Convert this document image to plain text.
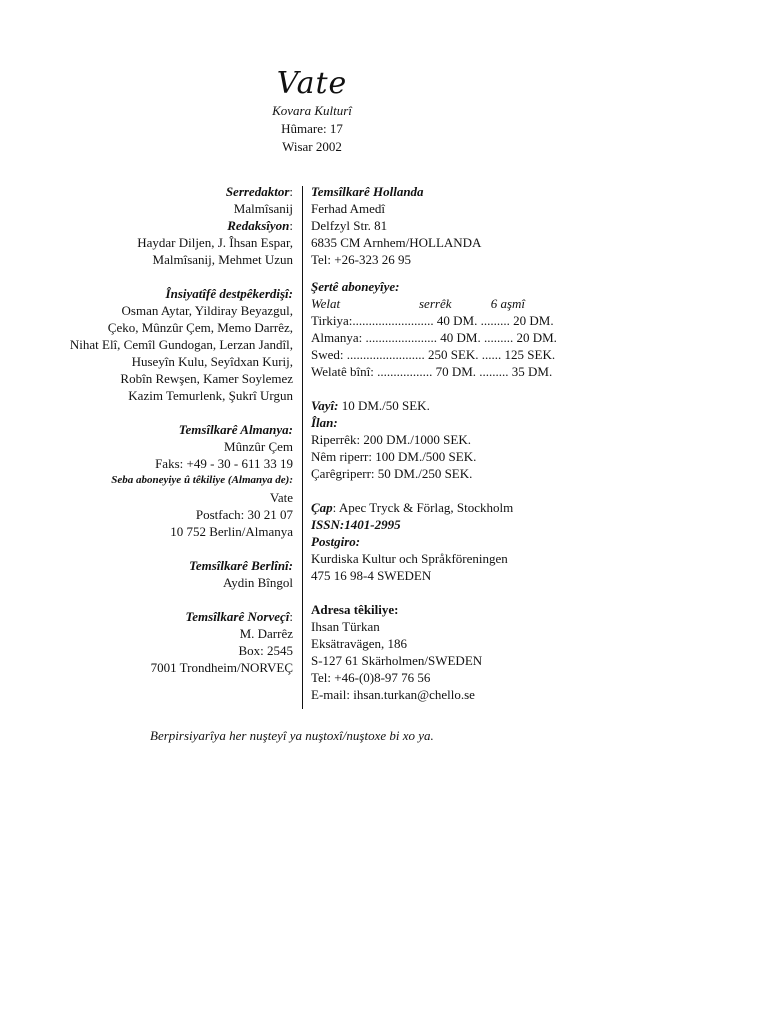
Vate
Kovara Kulturî
Hûmare: 17
Wisar 2002
Serredaktor:
Malmîsanij
Redaksîyon:
Haydar Diljen, J. Îhsan Espar,
Malmîsanij, Mehmet Uzun
Însiyatîfê destpêkerdişî:
Osman Aytar, Yildiray Beyazgul,
Çeko, Mûnzûr Çem, Memo Darrêz,
Nihat Elî, Cemîl Gundogan, Lerzan Jandîl,
Huseyîn Kulu, Seyîdxan Kurij,
Robîn Rewşen, Kamer Soylemez
Kazim Temurlenk, Şukrî Urgun
Temsîlkarê Almanya:
Mûnzûr Çem
Faks: +49 - 30 - 611 33 19
Seba aboneyiye û têkiliye (Almanya de):
Vate
Postfach: 30 21 07
10 752 Berlin/Almanya
Temsîlkarê Berlînî:
Aydin Bîngol
Temsîlkarê Norveçî:
M. Darrêz
Box: 2545
7001 Trondheim/NORVEÇ
Temsîlkarê Hollanda
Ferhad Amedî
Delfzyl Str. 81
6835 CM Arnhem/HOLLANDA
Tel: +26-323 26 95
Şertê aboneyîye:
Welat	serrêk	6 aşmî
Tirkiya:......................... 40 DM. ......... 20 DM.
Almanya: ...................... 40 DM. ......... 20 DM.
Swed: ........................ 250 SEK. ...... 125 SEK.
Welatê bînî: ................. 70 DM. ......... 35 DM.
Vayî: 10 DM./50 SEK.
Îlan:
Riperrêk: 200 DM./1000 SEK.
Nêm riperr: 100 DM./500 SEK.
Çarêgriperr: 50 DM./250 SEK.
Çap: Apec Tryck & Förlag, Stockholm
ISSN:1401-2995
Postgiro:
Kurdiska Kultur och Språkföreningen
475 16 98-4 SWEDEN
Adresa têkiliye:
Ihsan Türkan
Eksätravägen, 186
S-127 61 Skärholmen/SWEDEN
Tel: +46-(0)8-97 76 56
E-mail: ihsan.turkan@chello.se
Berpirsiyarîya her nuşteyî ya nuştoxî/nuştoxe bi xo ya.
